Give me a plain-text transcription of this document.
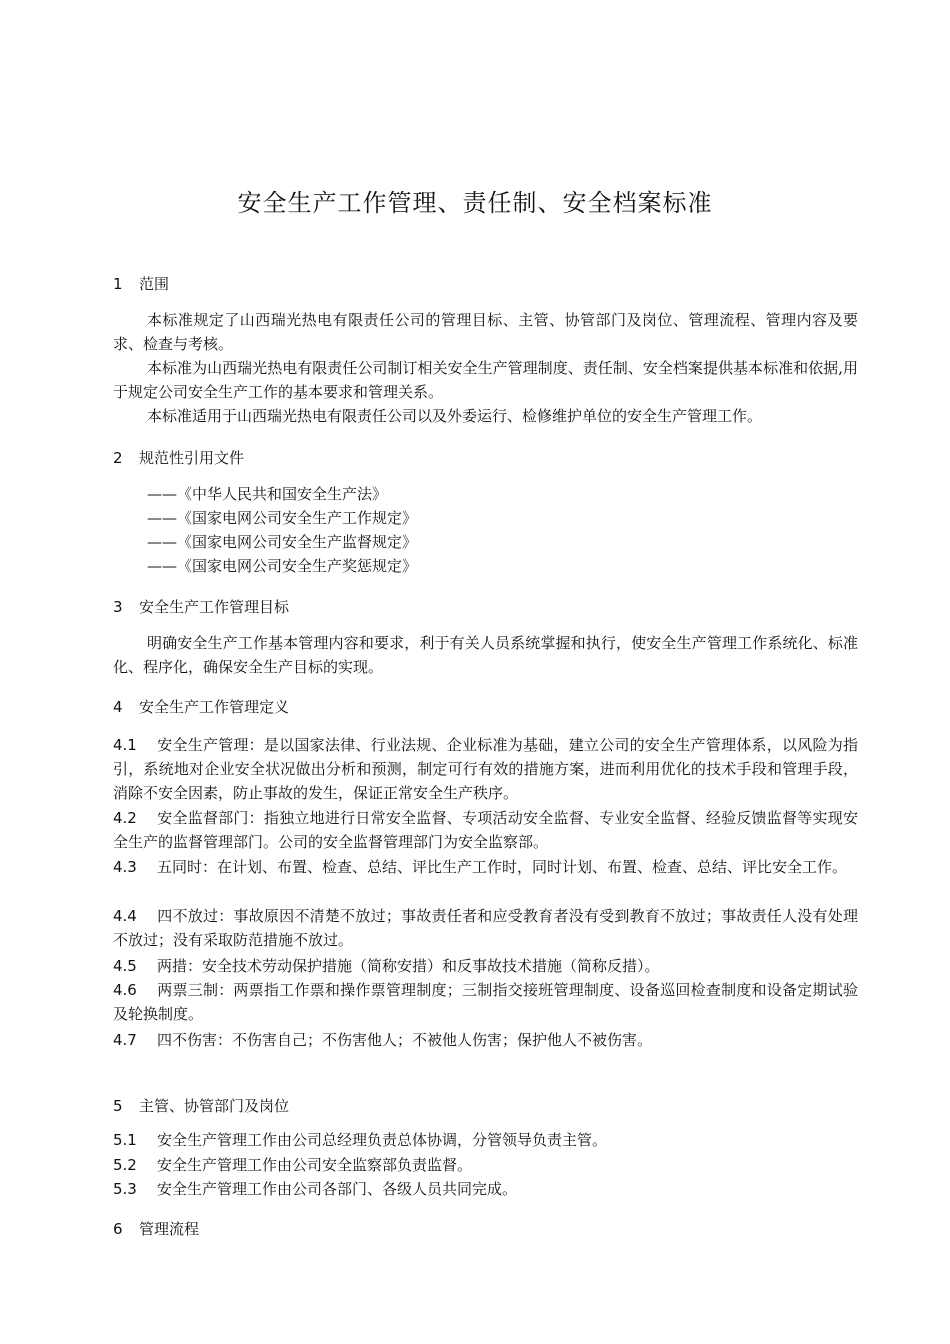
安全生产工作管理、责任制、安全档案标准
1 范围
本标准规定了山西瑞光热电有限责任公司的管理目标、主管、协管部门及岗位、管理流程、管理内容及要求、检查与考核。
本标准为山西瑞光热电有限责任公司制订相关安全生产管理制度、责任制、安全档案提供基本标准和依据,用于规定公司安全生产工作的基本要求和管理关系。
本标准适用于山西瑞光热电有限责任公司以及外委运行、检修维护单位的安全生产管理工作。
2 规范性引用文件
——《中华人民共和国安全生产法》
——《国家电网公司安全生产工作规定》
——《国家电网公司安全生产监督规定》
——《国家电网公司安全生产奖惩规定》
3 安全生产工作管理目标
明确安全生产工作基本管理内容和要求，利于有关人员系统掌握和执行，使安全生产管理工作系统化、标准化、程序化，确保安全生产目标的实现。
4 安全生产工作管理定义
4.1 安全生产管理：是以国家法律、行业法规、企业标准为基础，建立公司的安全生产管理体系，以风险为指引，系统地对企业安全状况做出分析和预测，制定可行有效的措施方案，进而利用优化的技术手段和管理手段，消除不安全因素，防止事故的发生，保证正常安全生产秩序。
4.2 安全监督部门：指独立地进行日常安全监督、专项活动安全监督、专业安全监督、经验反馈监督等实现安全生产的监督管理部门。公司的安全监督管理部门为安全监察部。
4.3 五同时：在计划、布置、检查、总结、评比生产工作时，同时计划、布置、检查、总结、评比安全工作。
4.4 四不放过：事故原因不清楚不放过；事故责任者和应受教育者没有受到教育不放过；事故责任人没有处理不放过；没有采取防范措施不放过。
4.5 两措：安全技术劳动保护措施（简称安措）和反事故技术措施（简称反措）。
4.6 两票三制：两票指工作票和操作票管理制度；三制指交接班管理制度、设备巡回检查制度和设备定期试验及轮换制度。
4.7 四不伤害：不伤害自己；不伤害他人；不被他人伤害；保护他人不被伤害。
5 主管、协管部门及岗位
5.1 安全生产管理工作由公司总经理负责总体协调，分管领导负责主管。
5.2 安全生产管理工作由公司安全监察部负责监督。
5.3 安全生产管理工作由公司各部门、各级人员共同完成。
6 管理流程
